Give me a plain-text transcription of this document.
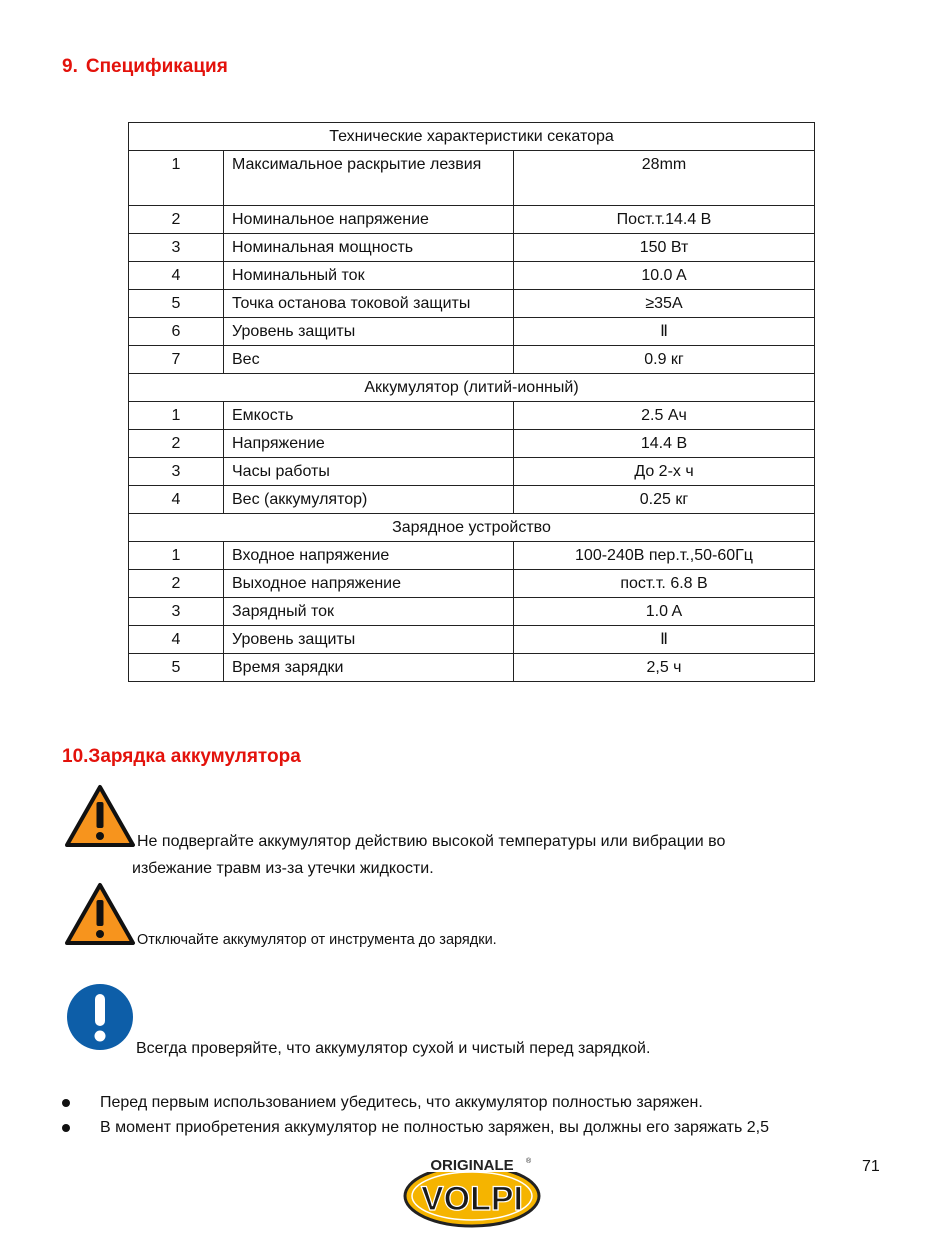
9. Спецификация
Технические характеристики секатора		
1	Максимальное раскрытие лезвия	28mm
2	Номинальное напряжение	Пост.т.14.4 В
3	Номинальная мощность	150 Вт
4	Номинальный ток	10.0 A
5	Точка останова токовой защиты	≥35A
6	Уровень защиты	Ⅱ
7	Вес	0.9 кг
Аккумулятор (литий-ионный)		
1	Емкость	2.5 Ач
2	Напряжение	14.4 В
3	Часы работы	До 2-х ч
4	Вес (аккумулятор)	0.25 кг
Зарядное устройство		
1	Входное напряжение	100-240В пер.т.,50-60Гц
2	Выходное напряжение	пост.т. 6.8 В
3	Зарядный ток	1.0 A
4	Уровень защиты	Ⅱ
5	Время зарядки	2,5 ч
10.Зарядка аккумулятора
Не подвергайте аккумулятор действию высокой температуры или вибрации во
избежание травм из-за утечки жидкости.
Отключайте аккумулятор от инструмента до зарядки.
Всегда проверяйте, что аккумулятор сухой и чистый перед зарядкой.
Перед первым использованием убедитесь, что аккумулятор полностью заряжен.
В момент приобретения аккумулятор не полностью заряжен, вы должны его заряжать 2,5
ORIGINALE ®
VOLPI
71
